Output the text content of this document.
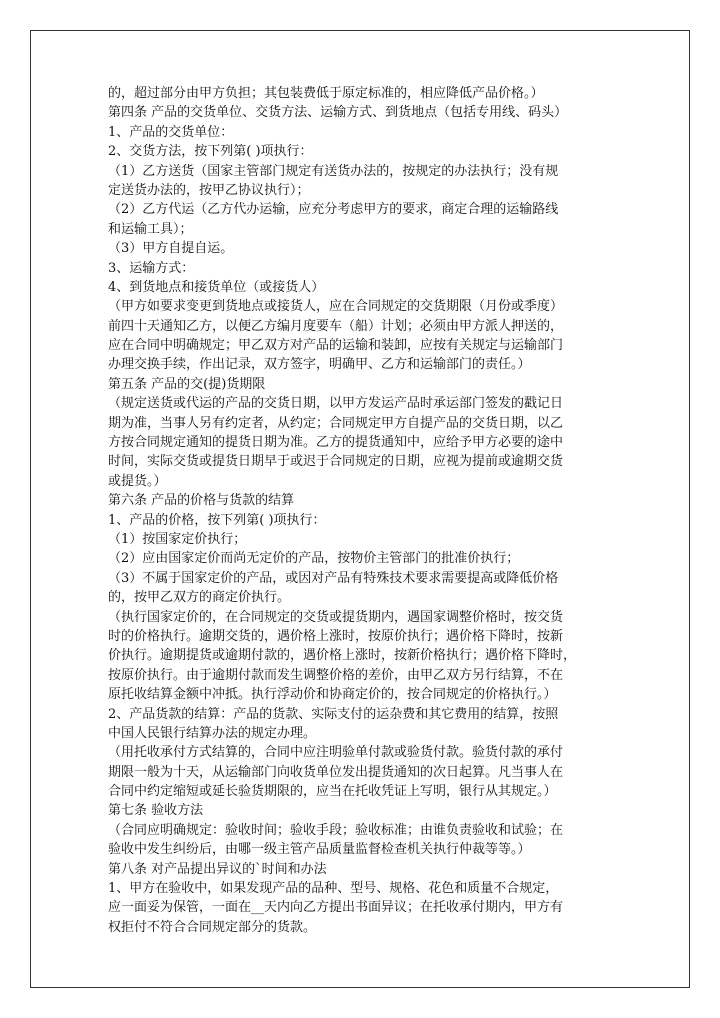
的，超过部分由甲方负担；其包装费低于原定标准的，相应降低产品价格。）
第四条 产品的交货单位、交货方法、运输方式、到货地点（包括专用线、码头）
1、产品的交货单位：
2、交货方法，按下列第( )项执行：
（1）乙方送货（国家主管部门规定有送货办法的，按规定的办法执行；没有规
定送货办法的，按甲乙协议执行）；
（2）乙方代运（乙方代办运输，应充分考虑甲方的要求，商定合理的运输路线
和运输工具）；
（3）甲方自提自运。
3、运输方式：
4、到货地点和接货单位（或接货人）
（甲方如要求变更到货地点或接货人，应在合同规定的交货期限（月份或季度）
前四十天通知乙方，以便乙方编月度要车（船）计划；必须由甲方派人押送的，
应在合同中明确规定；甲乙双方对产品的运输和装卸，应按有关规定与运输部门
办理交换手续，作出记录，双方签字，明确甲、乙方和运输部门的责任。）
第五条 产品的交(提)货期限
（规定送货或代运的产品的交货日期，以甲方发运产品时承运部门签发的戳记日
期为准，当事人另有约定者，从约定；合同规定甲方自提产品的交货日期，以乙
方按合同规定通知的提货日期为准。乙方的提货通知中，应给予甲方必要的途中
时间，实际交货或提货日期早于或迟于合同规定的日期，应视为提前或逾期交货
或提货。）
第六条 产品的价格与货款的结算
1、产品的价格，按下列第( )项执行：
（1）按国家定价执行；
（2）应由国家定价而尚无定价的产品，按物价主管部门的批准价执行；
（3）不属于国家定价的产品，或因对产品有特殊技术要求需要提高或降低价格
的，按甲乙双方的商定价执行。
（执行国家定价的，在合同规定的交货或提货期内，遇国家调整价格时，按交货
时的价格执行。逾期交货的，遇价格上涨时，按原价执行；遇价格下降时，按新
价执行。逾期提货或逾期付款的，遇价格上涨时，按新价格执行；遇价格下降时，
按原价执行。由于逾期付款而发生调整价格的差价，由甲乙双方另行结算，不在
原托收结算金额中冲抵。执行浮动价和协商定价的，按合同规定的价格执行。）
2、产品货款的结算：产品的货款、实际支付的运杂费和其它费用的结算，按照
中国人民银行结算办法的规定办理。
（用托收承付方式结算的，合同中应注明验单付款或验货付款。验货付款的承付
期限一般为十天，从运输部门向收货单位发出提货通知的次日起算。凡当事人在
合同中约定缩短或延长验货期限的，应当在托收凭证上写明，银行从其规定。）
第七条 验收方法
（合同应明确规定：验收时间；验收手段；验收标准；由谁负责验收和试验；在
验收中发生纠纷后，由哪一级主管产品质量监督检查机关执行仲裁等等。）
第八条 对产品提出异议的`时间和办法
1、甲方在验收中，如果发现产品的品种、型号、规格、花色和质量不合规定，
应一面妥为保管，一面在__天内向乙方提出书面异议；在托收承付期内，甲方有
权拒付不符合合同规定部分的货款。
